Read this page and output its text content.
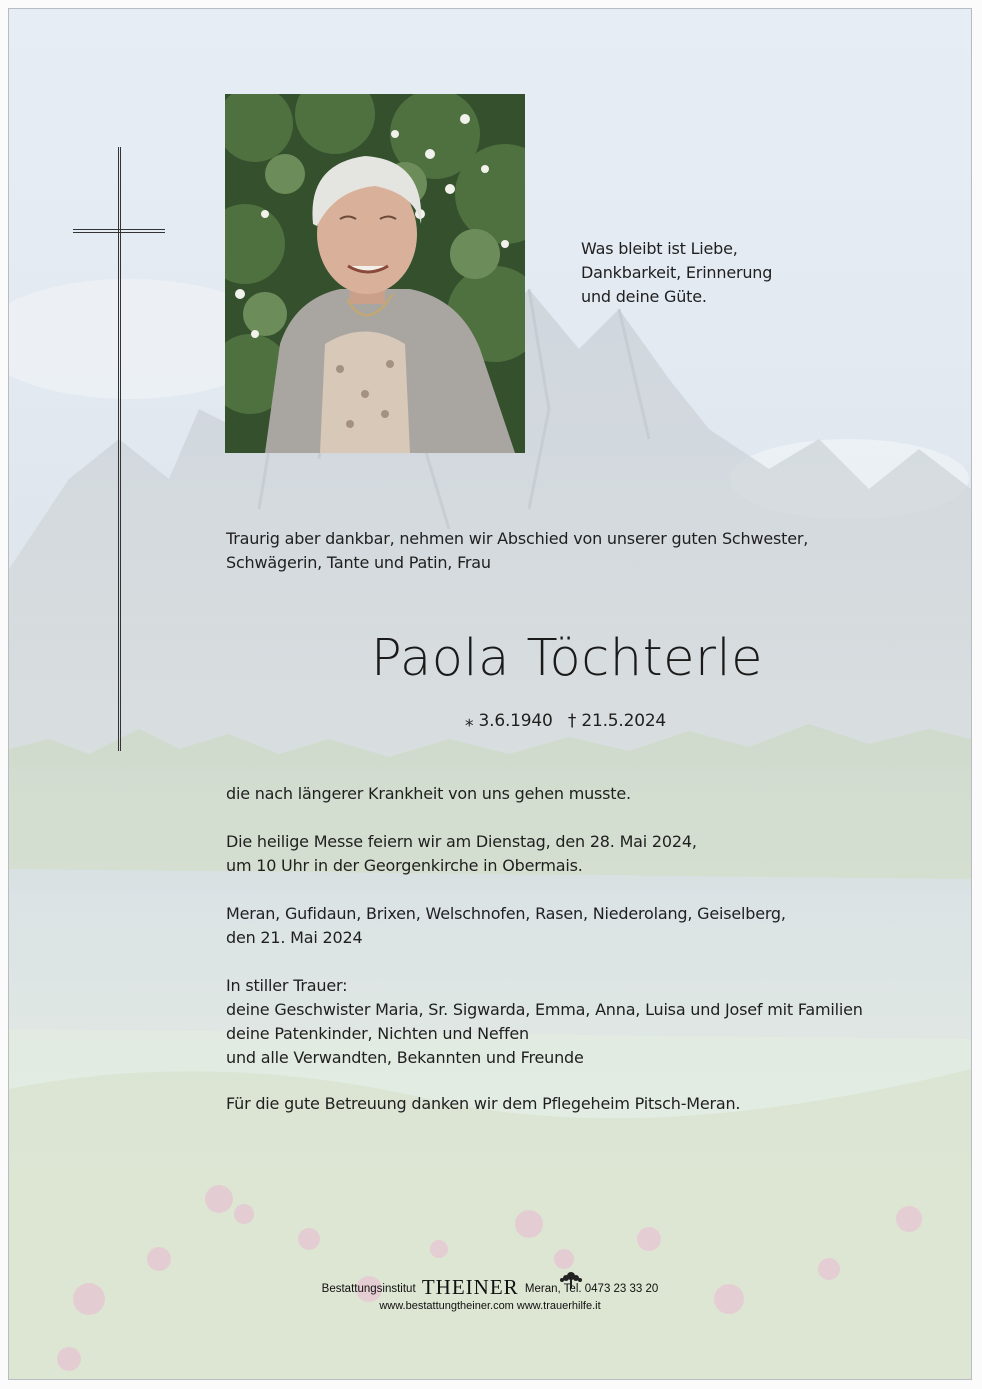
Was bleibt ist Liebe,
Dankbarkeit, Erinnerung
und deine Güte.
Traurig aber dankbar, nehmen wir Abschied von unserer guten Schwester,
Schwägerin, Tante und Patin, Frau
Paola Töchterle
⁎ 3.6.1940 † 21.5.2024
die nach längerer Krankheit von uns gehen musste.
Die heilige Messe feiern wir am Dienstag, den 28. Mai 2024,
um 10 Uhr in der Georgenkirche in Obermais.
Meran, Gufidaun, Brixen, Welschnofen, Rasen, Niederolang, Geiselberg,
den 21. Mai 2024
In stiller Trauer:
deine Geschwister Maria, Sr. Sigwarda, Emma, Anna, Luisa und Josef mit Familien
deine Patenkinder, Nichten und Neffen
und alle Verwandten, Bekannten und Freunde
Für die gute Betreuung danken wir dem Pflegeheim Pitsch-Meran.
Bestattungsinstitut THEINER Meran, Tel. 0473 23 33 20
www.bestattungtheiner.com www.trauerhilfe.it
